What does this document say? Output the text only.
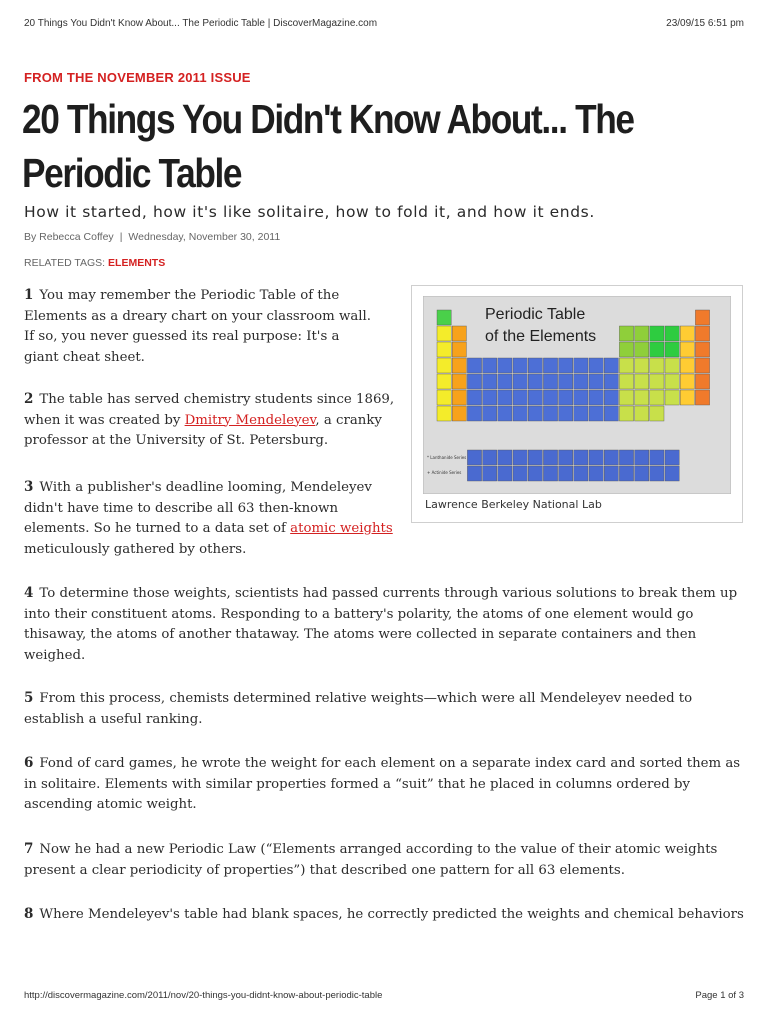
20 Things You Didn't Know About... The Periodic Table | DiscoverMagazine.com	23/09/15 6:51 pm
FROM THE NOVEMBER 2011 ISSUE
20 Things You Didn't Know About... The Periodic Table
How it started, how it's like solitaire, how to fold it, and how it ends.
By Rebecca Coffey | Wednesday, November 30, 2011
RELATED TAGS: ELEMENTS
Periodic Table
of the Elements
* Lanthanide Series
+ Actinide Series
Lawrence Berkeley National Lab

1 You may remember the Periodic Table of the Elements as a dreary chart on your classroom wall. If so, you never guessed its real purpose: It's a giant cheat sheet.

2 The table has served chemistry students since 1869, when it was created by Dmitry Mendeleyev, a cranky professor at the University of St. Petersburg.

3 With a publisher's deadline looming, Mendeleyev didn't have time to describe all 63 then-known elements. So he turned to a data set of atomic weights meticulously gathered by others.

4 To determine those weights, scientists had passed currents through various solutions to break them up into their constituent atoms. Responding to a battery's polarity, the atoms of one element would go thisaway, the atoms of another thataway. The atoms were collected in separate containers and then weighed.

5 From this process, chemists determined relative weights—which were all Mendeleyev needed to establish a useful ranking.

6 Fond of card games, he wrote the weight for each element on a separate index card and sorted them as in solitaire. Elements with similar properties formed a “suit” that he placed in columns ordered by ascending atomic weight.

7 Now he had a new Periodic Law (“Elements arranged according to the value of their atomic weights present a clear periodicity of properties”) that described one pattern for all 63 elements.

8 Where Mendeleyev's table had blank spaces, he correctly predicted the weights and chemical behaviors

http://discovermagazine.com/2011/nov/20-things-you-didnt-know-about-periodic-table	Page 1 of 3
